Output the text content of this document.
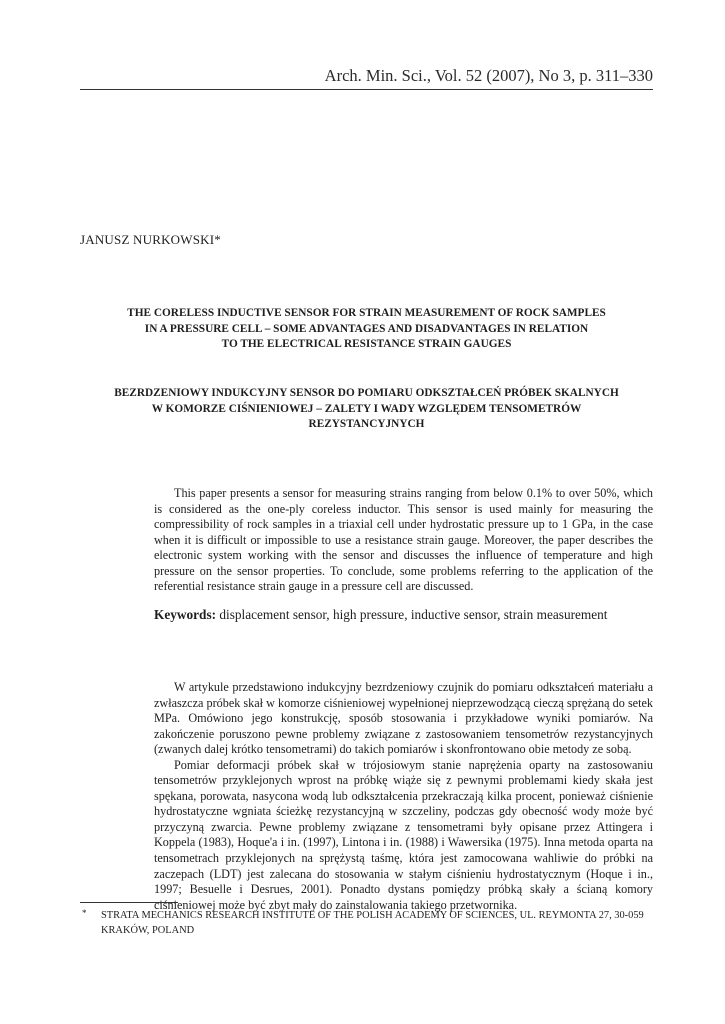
Arch. Min. Sci., Vol. 52 (2007), No 3, p. 311–330
JANUSZ NURKOWSKI*
THE CORELESS INDUCTIVE SENSOR FOR STRAIN MEASUREMENT OF ROCK SAMPLES
IN A PRESSURE CELL – SOME ADVANTAGES AND DISADVANTAGES IN RELATION
TO THE ELECTRICAL RESISTANCE STRAIN GAUGES
BEZRDZENIOWY INDUKCYJNY SENSOR DO POMIARU ODKSZTAŁCEŃ PRÓBEK SKALNYCH
W KOMORZE CIŚNIENIOWEJ – ZALETY I WADY WZGLĘDEM TENSOMETRÓW
REZYSTANCYJNYCH

This paper presents a sensor for measuring strains ranging from below 0.1% to over 50%, which is considered as the one-ply coreless inductor. This sensor is used mainly for measuring the compressibility of rock samples in a triaxial cell under hydrostatic pressure up to 1 GPa, in the case when it is difficult or impossible to use a resistance strain gauge. Moreover, the paper describes the electronic system working with the sensor and discusses the influence of temperature and high pressure on the sensor properties. To conclude, some problems referring to the application of the referential resistance strain gauge in a pressure cell are discussed.

Keywords: displacement sensor, high pressure, inductive sensor, strain measurement

W artykule przedstawiono indukcyjny bezrdzeniowy czujnik do pomiaru odkształceń materiału a zwłaszcza próbek skał w komorze ciśnieniowej wypełnionej nieprzewodzącą cieczą sprężaną do setek MPa. Omówiono jego konstrukcję, sposób stosowania i przykładowe wyniki pomiarów. Na zakończenie poruszono pewne problemy związane z zastosowaniem tensometrów rezystancyjnych (zwanych dalej krótko tensometrami) do takich pomiarów i skonfrontowano obie metody ze sobą.

Pomiar deformacji próbek skał w trójosiowym stanie naprężenia oparty na zastosowaniu tensometrów przyklejonych wprost na próbkę wiąże się z pewnymi problemami kiedy skała jest spękana, porowata, nasycona wodą lub odkształcenia przekraczają kilka procent, ponieważ ciśnienie hydrostatyczne wgniata ścieżkę rezystancyjną w szczeliny, podczas gdy obecność wody może być przyczyną zwarcia. Pewne problemy związane z tensometrami były opisane przez Attingera i Koppela (1983), Hoque'a i in. (1997), Lintona i in. (1988) i Wawersika (1975). Inna metoda oparta na tensometrach przyklejonych na sprężystą taśmę, która jest zamocowana wahliwie do próbki na zaczepach (LDT) jest zalecana do stosowania w stałym ciśnieniu hydrostatycznym (Hoque i in., 1997; Besuelle i Desrues, 2001). Ponadto dystans pomiędzy próbką skały a ścianą komory ciśnieniowej może być zbyt mały do zainstalowania takiego przetwornika.

* STRATA MECHANICS RESEARCH INSTITUTE OF THE POLISH ACADEMY OF SCIENCES, UL. REYMONTA 27, 30-059 KRAKÓW, POLAND
